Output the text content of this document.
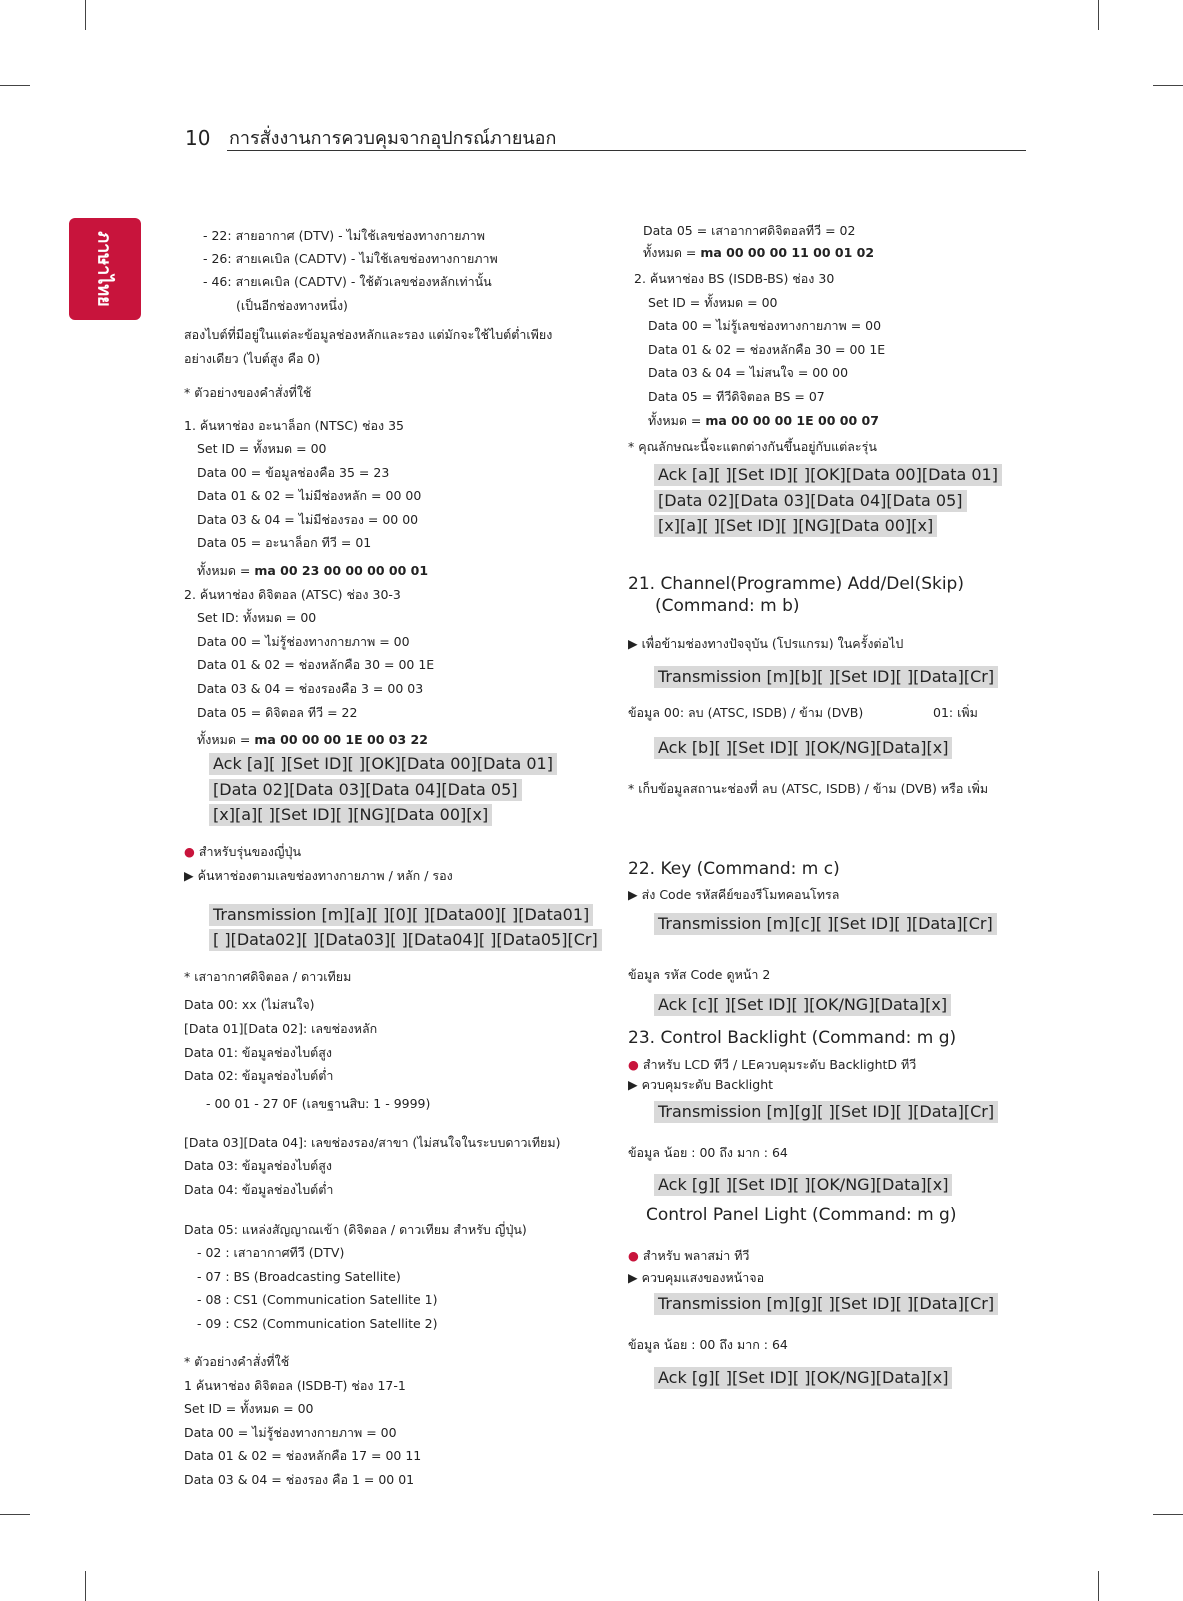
10 การสั่งงานการควบคุมจากอุปกรณ์ภายนอก
ภาษาไทย	- 22: สายอากาศ (DTV) - ไม่ใช้เลขช่องทางกายภาพ
- 26: สายเคเบิล (CADTV) - ไม่ใช้เลขช่องทางกายภาพ
- 46: สายเคเบิล (CADTV) - ใช้ตัวเลขช่องหลักเท่านั้น
(เป็นอีกช่องทางหนึ่ง)
สองไบต์ที่มีอยู่ในแต่ละข้อมูลช่องหลักและรอง แต่มักจะใช้ไบต์ต่ำเพียง
อย่างเดียว (ไบต์สูง คือ 0)
* ตัวอย่างของคำสั่งที่ใช้
1. ค้นหาช่อง อะนาล็อก (NTSC) ช่อง 35
Set ID = ทั้งหมด = 00
Data 00 = ข้อมูลช่องคือ 35 = 23
Data 01 & 02 = ไม่มีช่องหลัก = 00 00
Data 03 & 04 = ไม่มีช่องรอง = 00 00
Data 05 = อะนาล็อก ทีวี = 01
ทั้งหมด = ma 00 23 00 00 00 00 01
2. ค้นหาช่อง ดิจิตอล (ATSC) ช่อง 30-3
Set ID: ทั้งหมด = 00
Data 00 = ไม่รู้ช่องทางกายภาพ = 00
Data 01 & 02 = ช่องหลักคือ 30 = 00 1E
Data 03 & 04 = ช่องรองคือ 3 = 00 03
Data 05 = ดิจิตอล ทีวี = 22
ทั้งหมด = ma 00 00 00 1E 00 03 22
Ack [a][ ][Set ID][ ][OK][Data 00][Data 01]
[Data 02][Data 03][Data 04][Data 05]
[x][a][ ][Set ID][ ][NG][Data 00][x]
● สำหรับรุ่นของญี่ปุ่น
▶ ค้นหาช่องตามเลขช่องทางกายภาพ / หลัก / รอง
Transmission [m][a][ ][0][ ][Data00][ ][Data01]
[ ][Data02][ ][Data03][ ][Data04][ ][Data05][Cr]
* เสาอากาศดิจิตอล / ดาวเทียม
Data 00: xx (ไม่สนใจ)
[Data 01][Data 02]: เลขช่องหลัก
Data 01: ข้อมูลช่องไบต์สูง
Data 02: ข้อมูลช่องไบต์ต่ำ
- 00 01 - 27 0F (เลขฐานสิบ: 1 - 9999)
[Data 03][Data 04]: เลขช่องรอง/สาขา (ไม่สนใจในระบบดาวเทียม)
Data 03: ข้อมูลช่องไบต์สูง
Data 04: ข้อมูลช่องไบต์ต่ำ
Data 05: แหล่งสัญญาณเข้า (ดิจิตอล / ดาวเทียม สำหรับ ญี่ปุ่น)
- 02 : เสาอากาศทีวี (DTV)
- 07 : BS (Broadcasting Satellite)
- 08 : CS1 (Communication Satellite 1)
- 09 : CS2 (Communication Satellite 2)
* ตัวอย่างคำสั่งที่ใช้
1 ค้นหาช่อง ดิจิตอล (ISDB-T) ช่อง 17-1
Set ID = ทั้งหมด = 00
Data 00 = ไม่รู้ช่องทางกายภาพ = 00
Data 01 & 02 = ช่องหลักคือ 17 = 00 11
Data 03 & 04 = ช่องรอง คือ 1 = 00 01
Data 05 = เสาอากาศดิจิตอลทีวี = 02
ทั้งหมด = ma 00 00 00 11 00 01 02
2. ค้นหาช่อง BS (ISDB-BS) ช่อง 30
Set ID = ทั้งหมด = 00
Data 00 = ไม่รู้เลขช่องทางกายภาพ = 00
Data 01 & 02 = ช่องหลักคือ 30 = 00 1E
Data 03 & 04 = ไม่สนใจ = 00 00
Data 05 = ทีวีดิจิตอล BS = 07
ทั้งหมด = ma 00 00 00 1E 00 00 07
* คุณลักษณะนี้จะแตกต่างกันขึ้นอยู่กับแต่ละรุ่น
Ack [a][ ][Set ID][ ][OK][Data 00][Data 01]
[Data 02][Data 03][Data 04][Data 05]
[x][a][ ][Set ID][ ][NG][Data 00][x]
21. Channel(Programme) Add/Del(Skip)
(Command: m b)
▶ เพื่อข้ามช่องทางปัจจุบัน (โปรแกรม) ในครั้งต่อไป
Transmission [m][b][ ][Set ID][ ][Data][Cr]
ข้อมูล 00: ลบ (ATSC, ISDB) / ข้าม (DVB)	01: เพิ่ม
Ack [b][ ][Set ID][ ][OK/NG][Data][x]
* เก็บข้อมูลสถานะช่องที่ ลบ (ATSC, ISDB) / ข้าม (DVB) หรือ เพิ่ม
22. Key (Command: m c)
▶ ส่ง Code รหัสคีย์ของรีโมทคอนโทรล
Transmission [m][c][ ][Set ID][ ][Data][Cr]
ข้อมูล รหัส Code ดูหน้า 2
Ack [c][ ][Set ID][ ][OK/NG][Data][x]
23. Control Backlight (Command: m g)
● สำหรับ LCD ทีวี / LEควบคุมระดับ BacklightD ทีวี
▶ ควบคุมระดับ Backlight
Transmission [m][g][ ][Set ID][ ][Data][Cr]
ข้อมูล น้อย : 00 ถึง มาก : 64
Ack [g][ ][Set ID][ ][OK/NG][Data][x]
Control Panel Light (Command: m g)
● สำหรับ พลาสม่า ทีวี
▶ ควบคุมแสงของหน้าจอ
Transmission [m][g][ ][Set ID][ ][Data][Cr]
ข้อมูล น้อย : 00 ถึง มาก : 64
Ack [g][ ][Set ID][ ][OK/NG][Data][x]
